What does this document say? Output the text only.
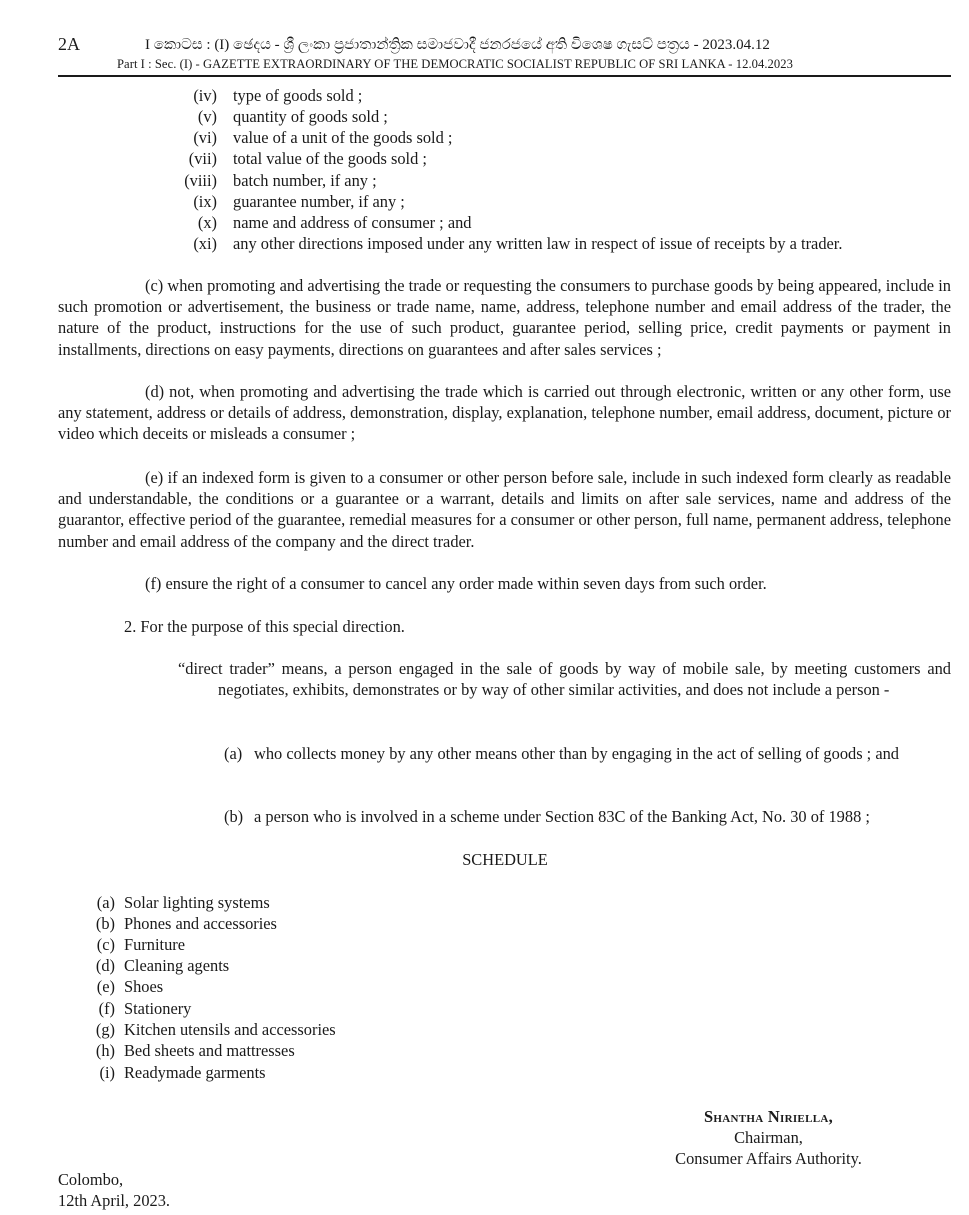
2A	I කොටස : (I) ඡෙදය - ශ්‍රී ලංකා ප්‍රජාතාන්ත්‍රික සමාජවාදී ජනරජයේ අති විශෙෂ ගැසට් පත්‍රය - 2023.04.12
Part I : Sec. (I) - GAZETTE EXTRAORDINARY OF THE DEMOCRATIC SOCIALIST REPUBLIC OF SRI LANKA - 12.04.2023
(iv) type of goods sold ;
(v) quantity of goods sold ;
(vi) value of a unit of the goods sold ;
(vii) total value of the goods sold ;
(viii) batch number, if any ;
(ix) guarantee number, if any ;
(x) name and address of consumer ; and
(xi) any other directions imposed under any written law in respect of issue of receipts by a trader.

(c) when promoting and advertising the trade or requesting the consumers to purchase goods by being appeared, include in such promotion or advertisement, the business or trade name, name, address, telephone number and email address of the trader, the nature of the product, instructions for the use of such product, guarantee period, selling price, credit payments or payment in installments, directions on easy payments, directions on guarantees and after sales services ;

(d) not, when promoting and advertising the trade which is carried out through electronic, written or any other form, use any statement, address or details of address, demonstration, display, explanation, telephone number, email address, document, picture or video which deceits or misleads a consumer ;

(e) if an indexed form is given to a consumer or other person before sale, include in such indexed form clearly as readable and understandable, the conditions or a guarantee or a warrant, details and limits on after sale services, name and address of the guarantor, effective period of the guarantee, remedial measures for a consumer or other person, full name, permanent address, telephone number and email address of the company and the direct trader.

(f) ensure the right of a consumer to cancel any order made within seven days from such order.
2. For the purpose of this special direction.
“direct trader” means, a person engaged in the sale of goods by way of mobile sale, by meeting customers and negotiates, exhibits, demonstrates or by way of other similar activities, and does not include a person -
(a) who collects money by any other means other than by engaging in the act of selling of goods ; and
(b) a person who is involved in a scheme under Section 83C of the Banking Act, No. 30 of 1988 ;
SCHEDULE
(a) Solar lighting systems
(b) Phones and accessories
(c) Furniture
(d) Cleaning agents
(e) Shoes
(f) Stationery
(g) Kitchen utensils and accessories
(h) Bed sheets and mattresses
(i) Readymade garments
Shantha Niriella,
Chairman,
Consumer Affairs Authority.
Colombo,
12th April, 2023.
